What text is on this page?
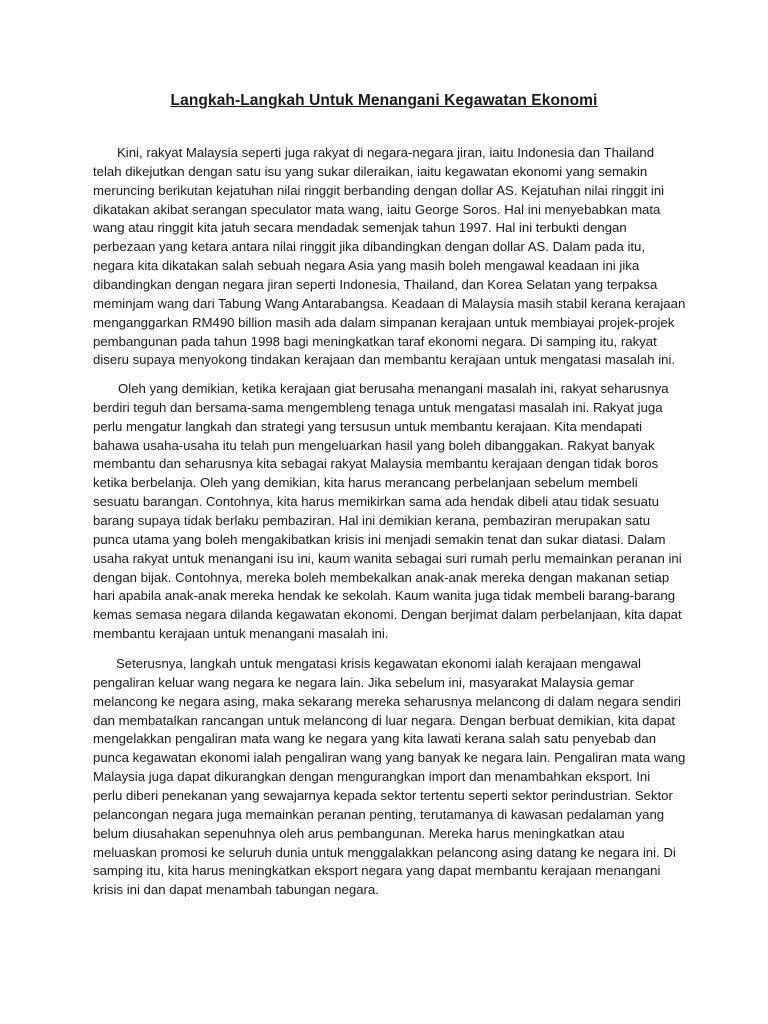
Langkah-Langkah Untuk Menangani Kegawatan Ekonomi
Kini, rakyat Malaysia seperti juga rakyat di negara-negara jiran, iaitu Indonesia dan Thailand
telah dikejutkan dengan satu isu yang sukar dileraikan, iaitu kegawatan ekonomi yang semakin
meruncing berikutan kejatuhan nilai ringgit berbanding dengan dollar AS. Kejatuhan nilai ringgit ini
dikatakan akibat serangan speculator mata wang, iaitu George Soros. Hal ini menyebabkan mata
wang atau ringgit kita jatuh secara mendadak semenjak tahun 1997. Hal ini terbukti dengan
perbezaan yang ketara antara nilai ringgit jika dibandingkan dengan dollar AS. Dalam pada itu,
negara kita dikatakan salah sebuah negara Asia yang masih boleh mengawal keadaan ini jika
dibandingkan dengan negara jiran seperti Indonesia, Thailand, dan Korea Selatan yang terpaksa
meminjam wang dari Tabung Wang Antarabangsa. Keadaan di Malaysia masih stabil kerana kerajaan
menganggarkan RM490 billion masih ada dalam simpanan kerajaan untuk membiayai projek-projek
pembangunan pada tahun 1998 bagi meningkatkan taraf ekonomi negara. Di samping itu, rakyat
diseru supaya menyokong tindakan kerajaan dan membantu kerajaan untuk mengatasi masalah ini.
Oleh yang demikian, ketika kerajaan giat berusaha menangani masalah ini, rakyat seharusnya
berdiri teguh dan bersama-sama mengembleng tenaga untuk mengatasi masalah ini. Rakyat juga
perlu mengatur langkah dan strategi yang tersusun untuk membantu kerajaan. Kita mendapati
bahawa usaha-usaha itu telah pun mengeluarkan hasil yang boleh dibanggakan. Rakyat banyak
membantu dan seharusnya kita sebagai rakyat Malaysia membantu kerajaan dengan tidak boros
ketika berbelanja. Oleh yang demikian, kita harus merancang perbelanjaan sebelum membeli
sesuatu barangan. Contohnya, kita harus memikirkan sama ada hendak dibeli atau tidak sesuatu
barang supaya tidak berlaku pembaziran. Hal ini demikian kerana, pembaziran merupakan satu
punca utama yang boleh mengakibatkan krisis ini menjadi semakin tenat dan sukar diatasi. Dalam
usaha rakyat untuk menangani isu ini, kaum wanita sebagai suri rumah perlu memainkan peranan ini
dengan bijak. Contohnya, mereka boleh membekalkan anak-anak mereka dengan makanan setiap
hari apabila anak-anak mereka hendak ke sekolah. Kaum wanita juga tidak membeli barang-barang
kemas semasa negara dilanda kegawatan ekonomi. Dengan berjimat dalam perbelanjaan, kita dapat
membantu kerajaan untuk menangani masalah ini.
Seterusnya, langkah untuk mengatasi krisis kegawatan ekonomi ialah kerajaan mengawal
pengaliran keluar wang negara ke negara lain. Jika sebelum ini, masyarakat Malaysia gemar
melancong ke negara asing, maka sekarang mereka seharusnya melancong di dalam negara sendiri
dan membatalkan rancangan untuk melancong di luar negara. Dengan berbuat demikian, kita dapat
mengelakkan pengaliran mata wang ke negara yang kita lawati kerana salah satu penyebab dan
punca kegawatan ekonomi ialah pengaliran wang yang banyak ke negara lain. Pengaliran mata wang
Malaysia juga dapat dikurangkan dengan mengurangkan import dan menambahkan eksport. Ini
perlu diberi penekanan yang sewajarnya kepada sektor tertentu seperti sektor perindustrian. Sektor
pelancongan negara juga memainkan peranan penting, terutamanya di kawasan pedalaman yang
belum diusahakan sepenuhnya oleh arus pembangunan. Mereka harus meningkatkan atau
meluaskan promosi ke seluruh dunia untuk menggalakkan pelancong asing datang ke negara ini. Di
samping itu, kita harus meningkatkan eksport negara yang dapat membantu kerajaan menangani
krisis ini dan dapat menambah tabungan negara.
